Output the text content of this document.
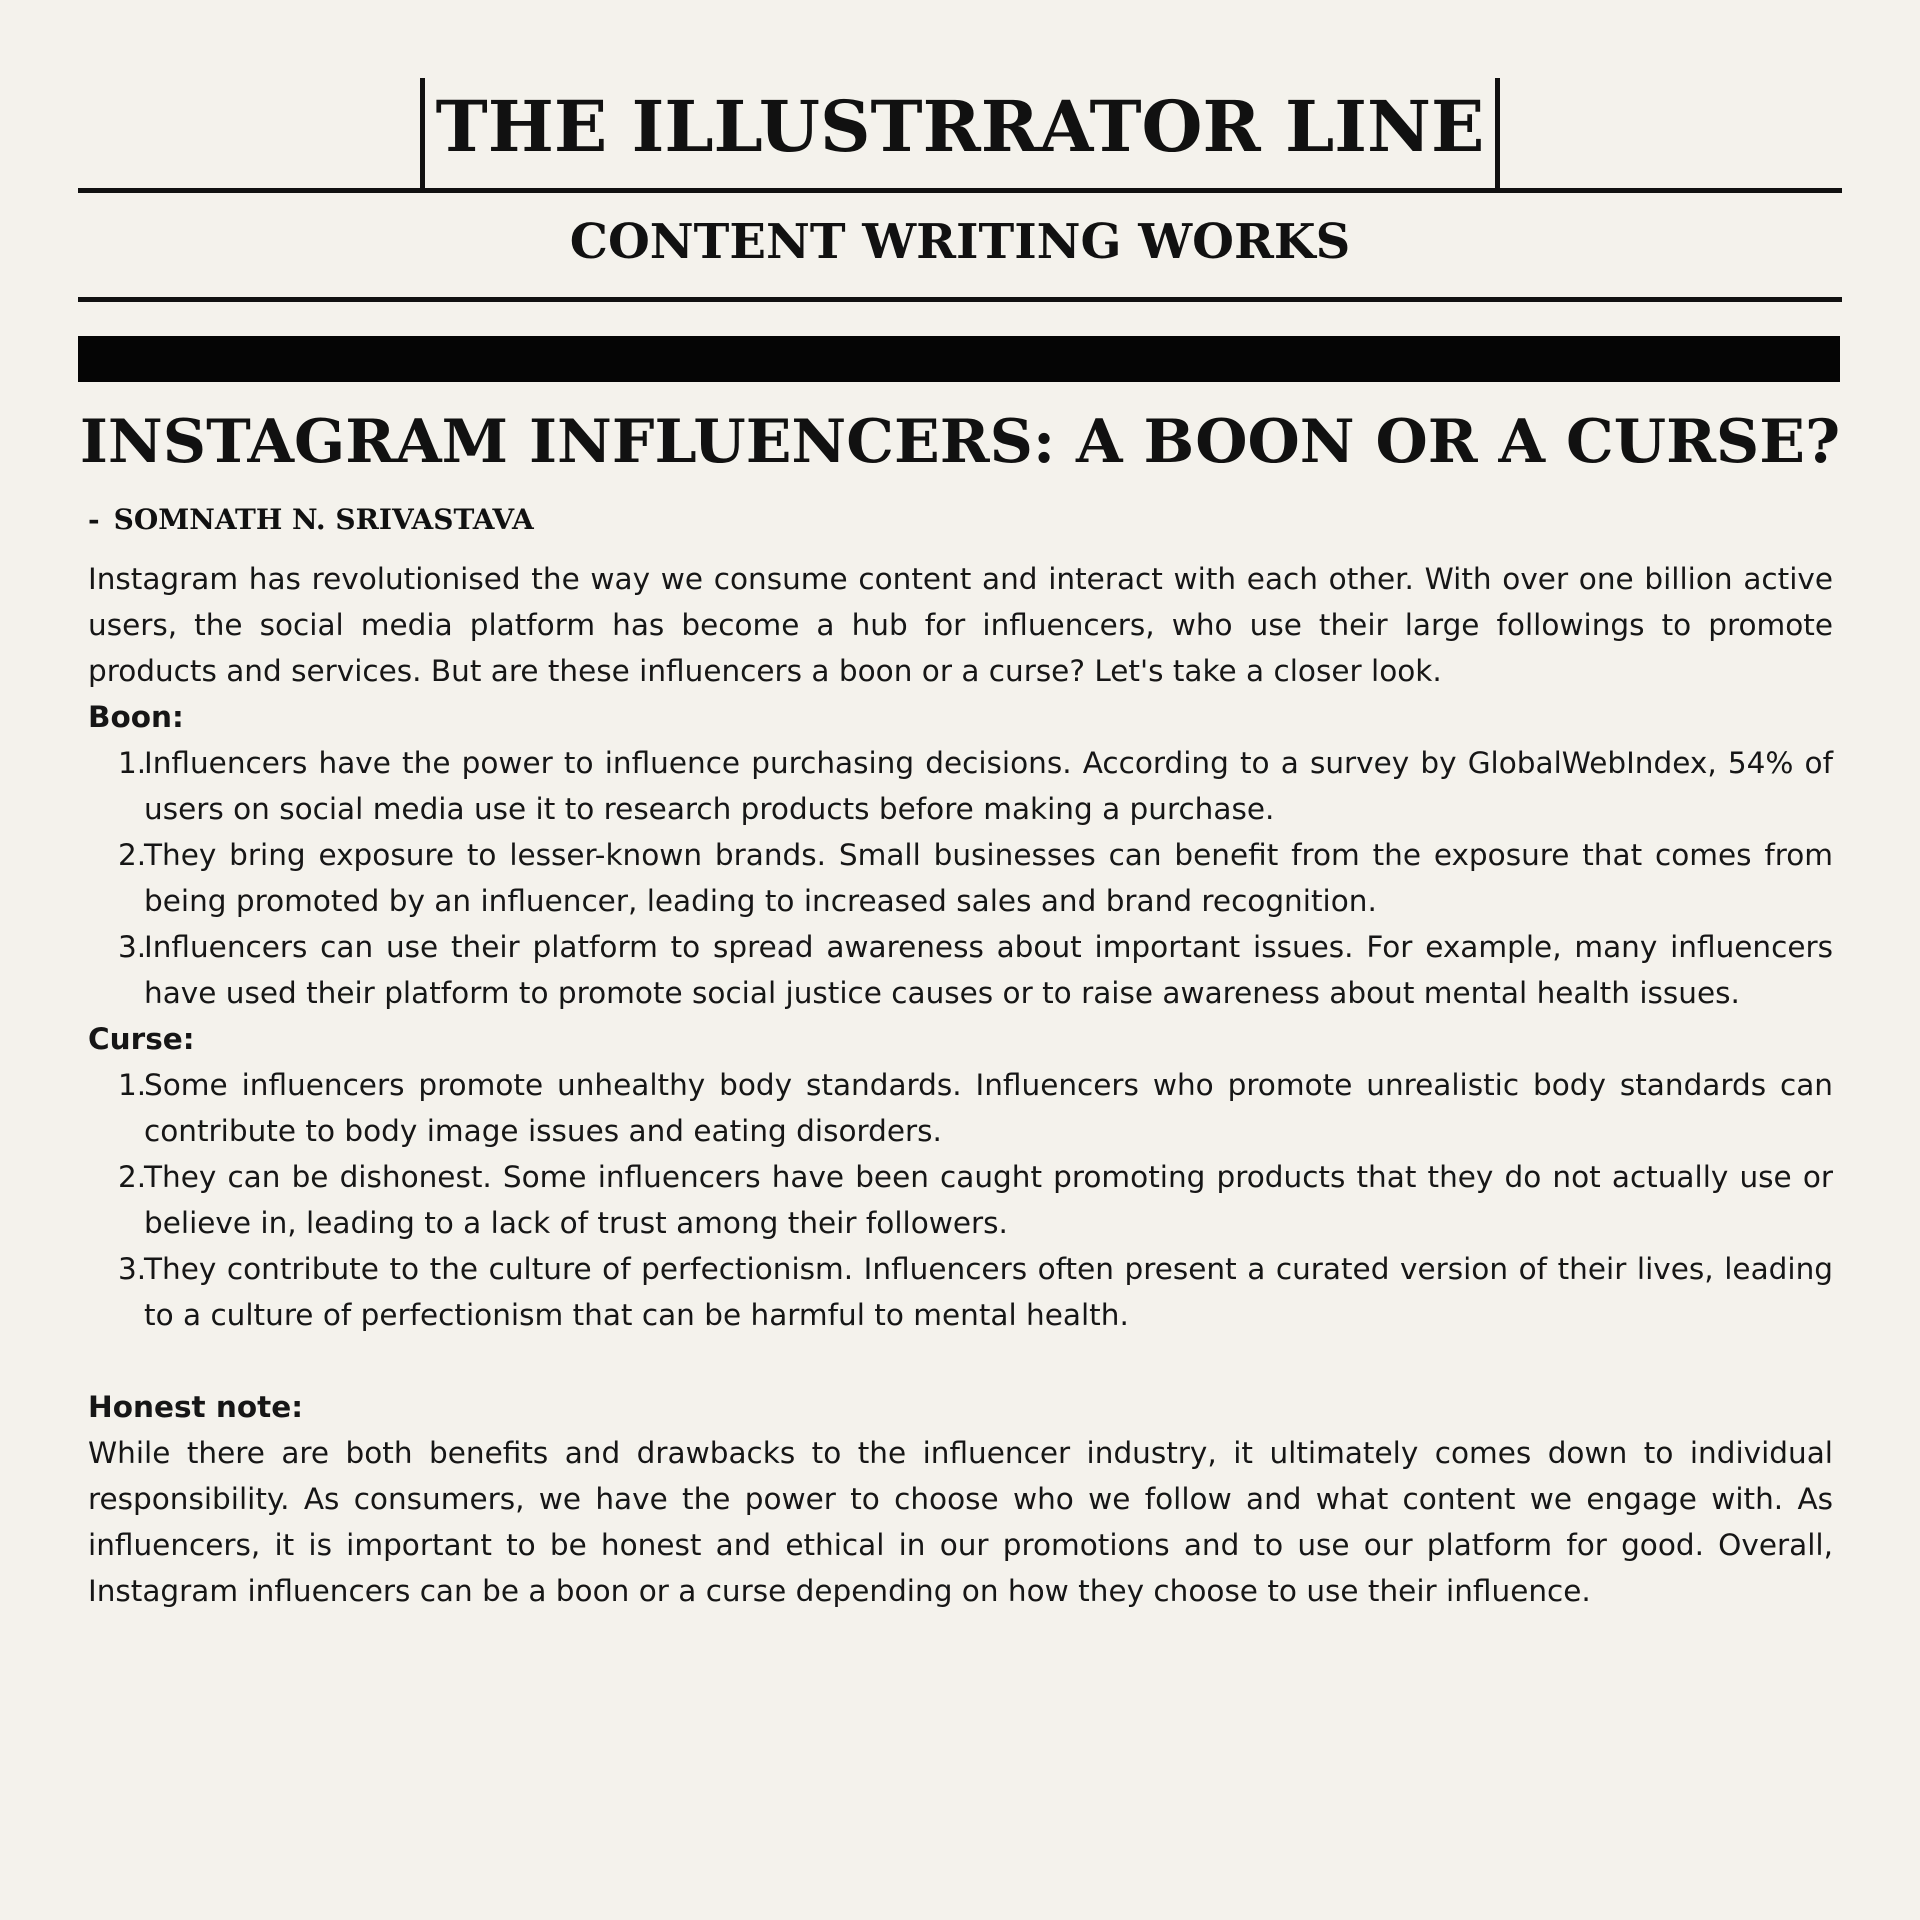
THE ILLUSTRRATOR LINE
CONTENT WRITING WORKS
INSTAGRAM INFLUENCERS: A BOON OR A CURSE?
- SOMNATH N. SRIVASTAVA

Instagram has revolutionised the way we consume content and interact with each other. With over one billion active users, the social media platform has become a hub for influencers, who use their large followings to promote products and services. But are these influencers a boon or a curse? Let's take a closer look.

Boon:

1.
Influencers have the power to influence purchasing decisions. According to a survey by GlobalWebIndex, 54% of users on social media use it to research products before making a purchase.
2.
They bring exposure to lesser-known brands. Small businesses can benefit from the exposure that comes from being promoted by an influencer, leading to increased sales and brand recognition.
3.
Influencers can use their platform to spread awareness about important issues. For example, many influencers have used their platform to promote social justice causes or to raise awareness about mental health issues.

Curse:

1.
Some influencers promote unhealthy body standards. Influencers who promote unrealistic body standards can contribute to body image issues and eating disorders.
2.
They can be dishonest. Some influencers have been caught promoting products that they do not actually use or believe in, leading to a lack of trust among their followers.
3.
They contribute to the culture of perfectionism. Influencers often present a curated version of their lives, leading to a culture of perfectionism that can be harmful to mental health.

Honest note:

While there are both benefits and drawbacks to the influencer industry, it ultimately comes down to individual responsibility. As consumers, we have the power to choose who we follow and what content we engage with. As influencers, it is important to be honest and ethical in our promotions and to use our platform for good. Overall, Instagram influencers can be a boon or a curse depending on how they choose to use their influence.
